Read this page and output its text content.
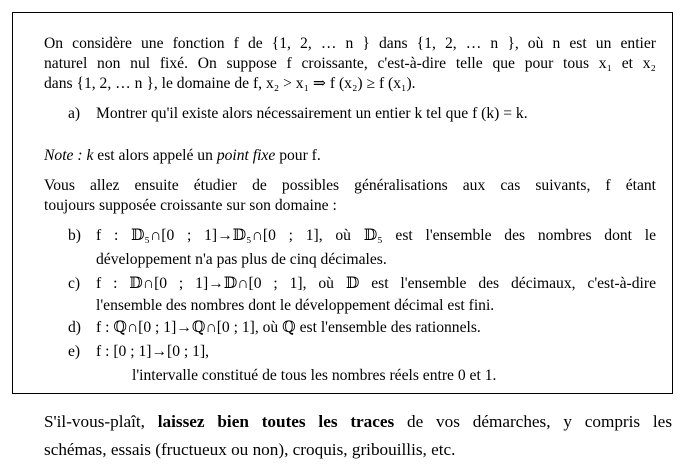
On considère une fonction f de {1, 2, … n } dans {1, 2, … n }, où n est un entier
naturel non nul fixé. On suppose f croissante, c'est-à-dire telle que pour tous x₁ et x₂
dans {1, 2, … n }, le domaine de f, x₂ > x₁ ⇒ f (x₂) ≥ f (x₁).
a) Montrer qu'il existe alors nécessairement un entier k tel que f (k) = k.
Note : k est alors appelé un point fixe pour f.
Vous allez ensuite étudier de possibles généralisations aux cas suivants, f étant
toujours supposée croissante sur son domaine :
b) f : 𝔻₅∩[0 ; 1]→𝔻₅∩[0 ; 1], où 𝔻₅ est l'ensemble des nombres dont le
développement n'a pas plus de cinq décimales.
c) f : 𝔻∩[0 ; 1]→𝔻∩[0 ; 1], où 𝔻 est l'ensemble des décimaux, c'est-à-dire
l'ensemble des nombres dont le développement décimal est fini.
d) f : ℚ∩[0 ; 1]→ℚ∩[0 ; 1], où ℚ est l'ensemble des rationnels.
e) f : [0 ; 1]→[0 ; 1],
l'intervalle constitué de tous les nombres réels entre 0 et 1.
S'il-vous-plaît, laissez bien toutes les traces de vos démarches, y compris les
schémas, essais (fructueux ou non), croquis, gribouillis, etc.
